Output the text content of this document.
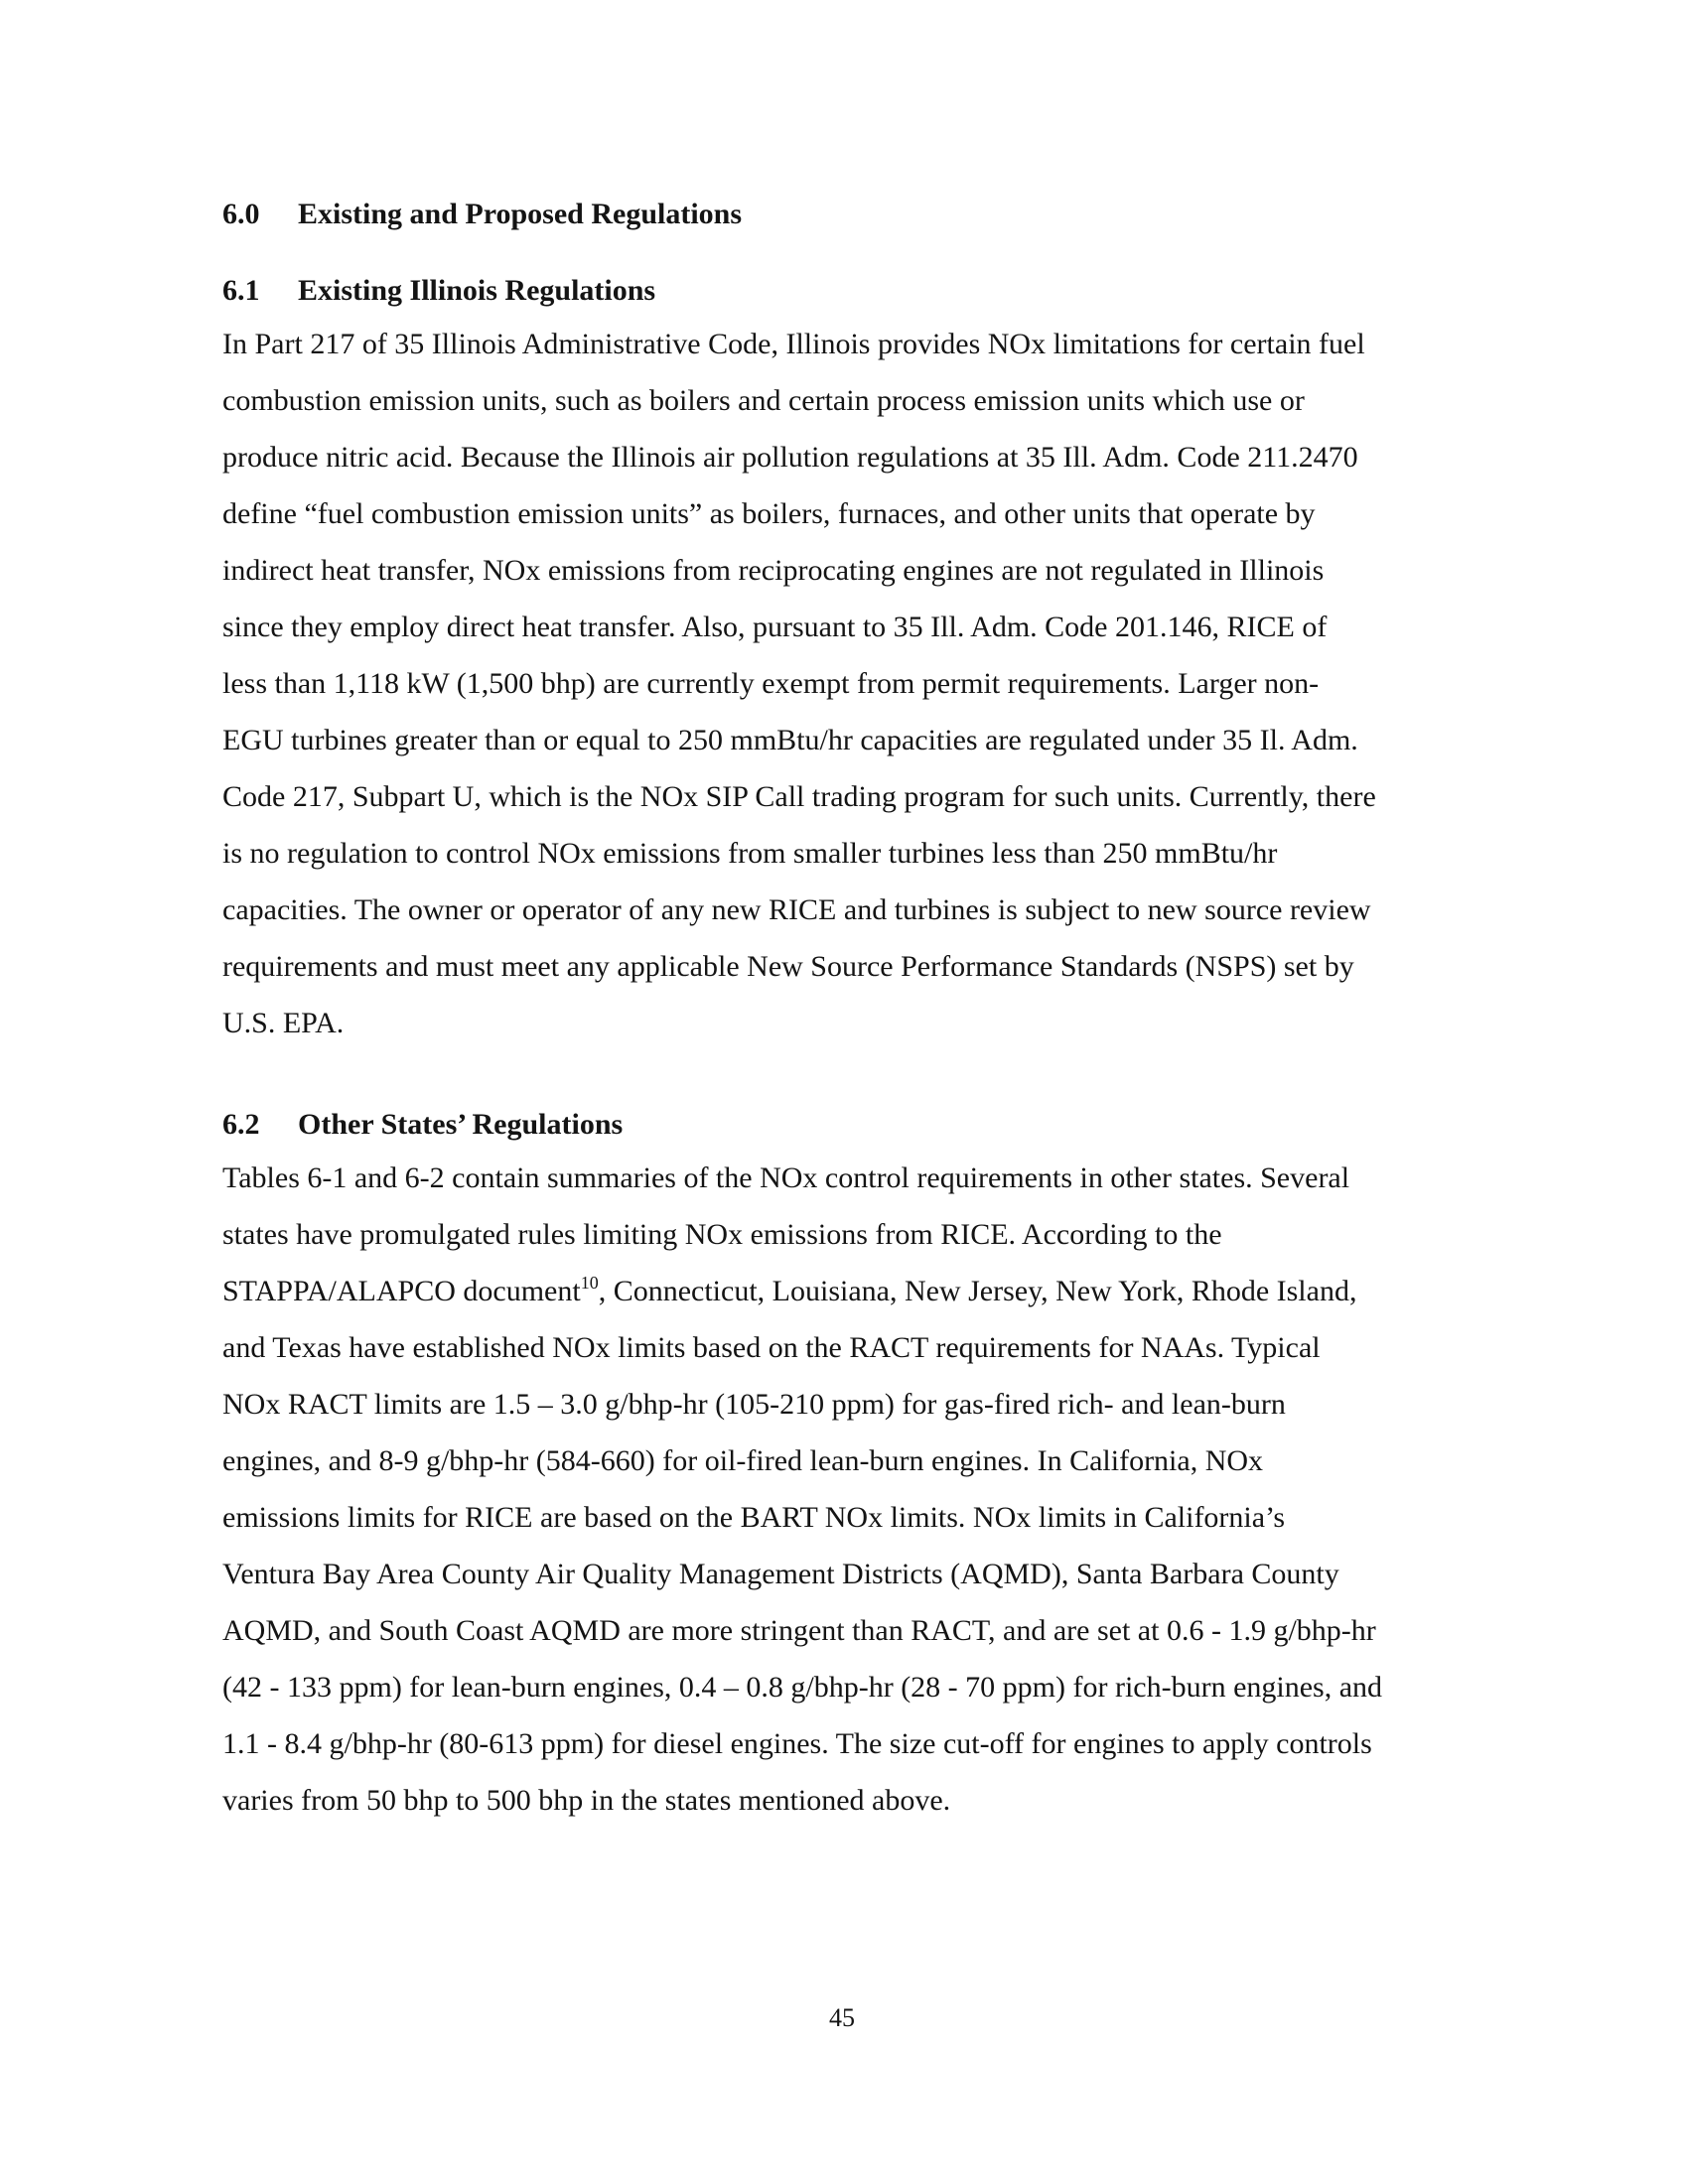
6.0 Existing and Proposed Regulations
6.1 Existing Illinois Regulations
In Part 217 of 35 Illinois Administrative Code, Illinois provides NOx limitations for certain fuel
combustion emission units, such as boilers and certain process emission units which use or
produce nitric acid. Because the Illinois air pollution regulations at 35 Ill. Adm. Code 211.2470
define “fuel combustion emission units” as boilers, furnaces, and other units that operate by
indirect heat transfer, NOx emissions from reciprocating engines are not regulated in Illinois
since they employ direct heat transfer. Also, pursuant to 35 Ill. Adm. Code 201.146, RICE of
less than 1,118 kW (1,500 bhp) are currently exempt from permit requirements. Larger non-
EGU turbines greater than or equal to 250 mmBtu/hr capacities are regulated under 35 Il. Adm.
Code 217, Subpart U, which is the NOx SIP Call trading program for such units. Currently, there
is no regulation to control NOx emissions from smaller turbines less than 250 mmBtu/hr
capacities. The owner or operator of any new RICE and turbines is subject to new source review
requirements and must meet any applicable New Source Performance Standards (NSPS) set by
U.S. EPA.
6.2 Other States’ Regulations
Tables 6-1 and 6-2 contain summaries of the NOx control requirements in other states. Several
states have promulgated rules limiting NOx emissions from RICE. According to the
STAPPA/ALAPCO document$^{10}$, Connecticut, Louisiana, New Jersey, New York, Rhode Island,
and Texas have established NOx limits based on the RACT requirements for NAAs. Typical
NOx RACT limits are 1.5 – 3.0 g/bhp-hr (105-210 ppm) for gas-fired rich- and lean-burn
engines, and 8-9 g/bhp-hr (584-660) for oil-fired lean-burn engines. In California, NOx
emissions limits for RICE are based on the BART NOx limits. NOx limits in California’s
Ventura Bay Area County Air Quality Management Districts (AQMD), Santa Barbara County
AQMD, and South Coast AQMD are more stringent than RACT, and are set at 0.6 - 1.9 g/bhp-hr
(42 - 133 ppm) for lean-burn engines, 0.4 – 0.8 g/bhp-hr (28 - 70 ppm) for rich-burn engines, and
1.1 - 8.4 g/bhp-hr (80-613 ppm) for diesel engines. The size cut-off for engines to apply controls
varies from 50 bhp to 500 bhp in the states mentioned above.
45
